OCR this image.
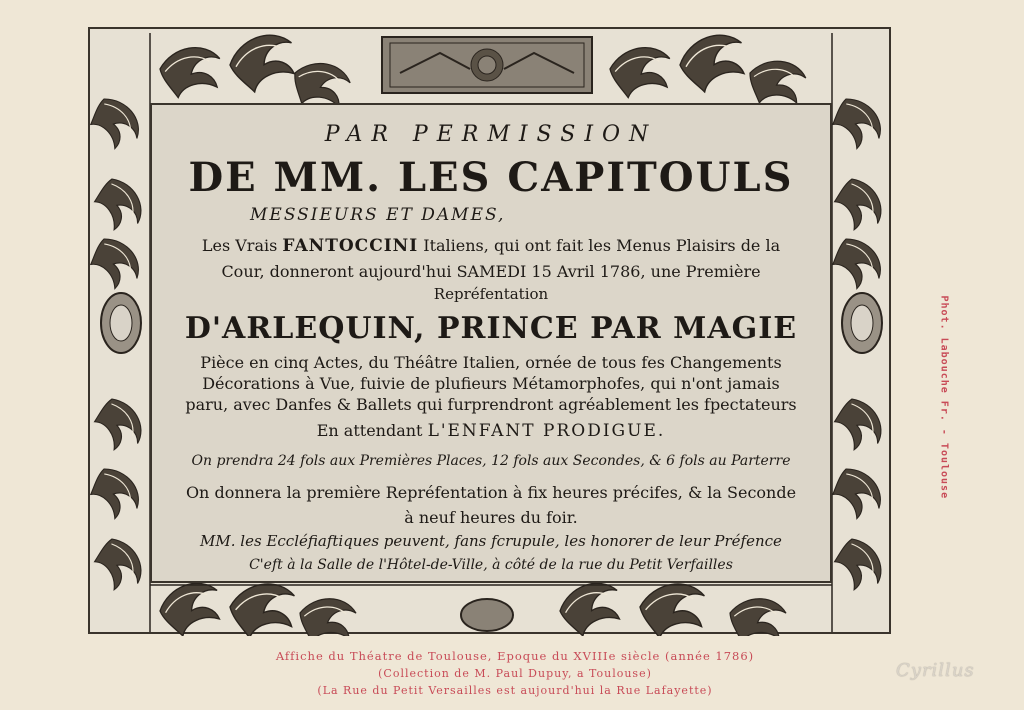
PAR PERMISSION
DE MM. LES CAPITOULS
MESSIEURS ET DAMES,
Les Vrais FANTOCCINI Italiens, qui ont fait les Menus Plaisirs de la
Cour, donneront aujourd'hui SAMEDI 15 Avril 1786, une Première
Repréfentation
D'ARLEQUIN, PRINCE PAR MAGIE
Pièce en cinq Actes, du Théâtre Italien, ornée de tous fes Changements
Décorations à Vue, fuivie de plufieurs Métamorphofes, qui n'ont jamais
paru, avec Danfes & Ballets qui furprendront agréablement les fpectateurs
En attendant L'ENFANT PRODIGUE.
On prendra 24 fols aux Premières Places, 12 fols aux Secondes, & 6 fols au Parterre
On donnera la première Repréfentation à fix heures précifes, & la Seconde
à neuf heures du foir.
MM. les Eccléfiaftiques peuvent, fans fcrupule, les honorer de leur Préfence
C'eft à la Salle de l'Hôtel-de-Ville, à côté de la rue du Petit Verfailles
Affiche du Théatre de Toulouse, Epoque du XVIIIe siècle (année 1786)
(Collection de M. Paul Dupuy, a Toulouse)
(La Rue du Petit Versailles est aujourd'hui la Rue Lafayette)
Phot. Labouche Fr. - Toulouse
Cyrillus
